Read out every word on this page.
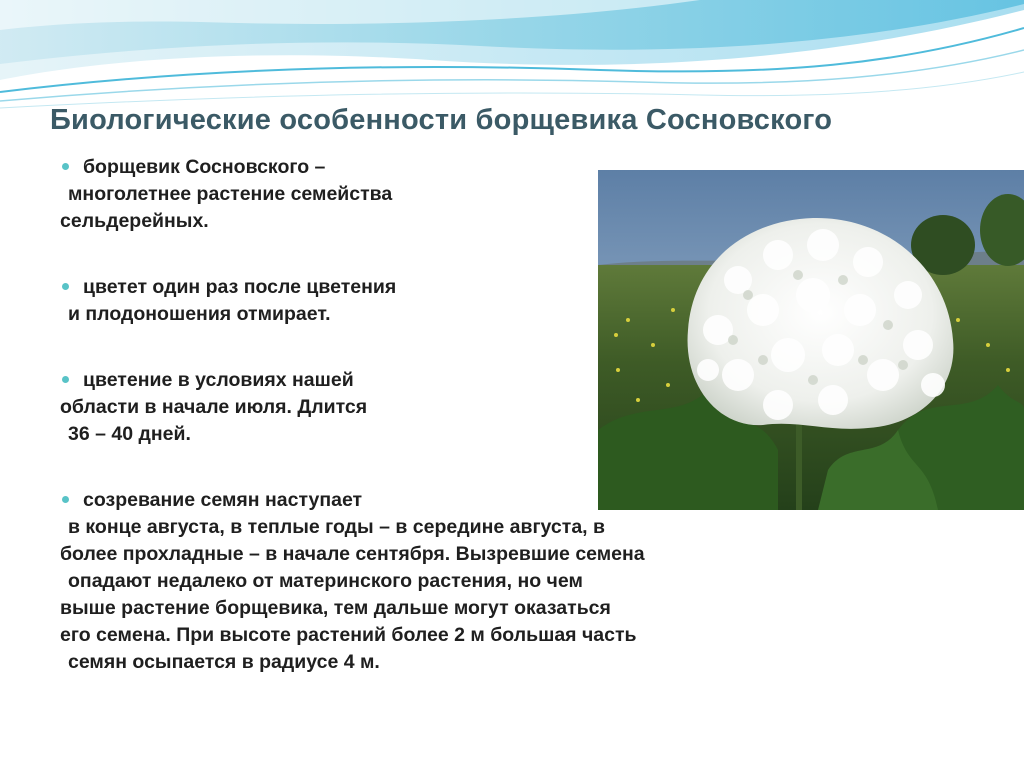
Биологические особенности борщевика Сосновского
борщевик Сосновского –
многолетнее растение семейства
сельдерейных.
цветет один раз после цветения
и плодоношения отмирает.
цветение в условиях нашей
области в начале июля. Длится
36 – 40 дней.
созревание семян наступает
в конце августа, в теплые годы – в середине августа, в
более прохладные – в начале сентября. Вызревшие семена
опадают недалеко от материнского растения, но чем
выше растение борщевика, тем дальше могут оказаться
его семена. При высоте растений более 2 м большая часть
семян осыпается в радиусе 4 м.
